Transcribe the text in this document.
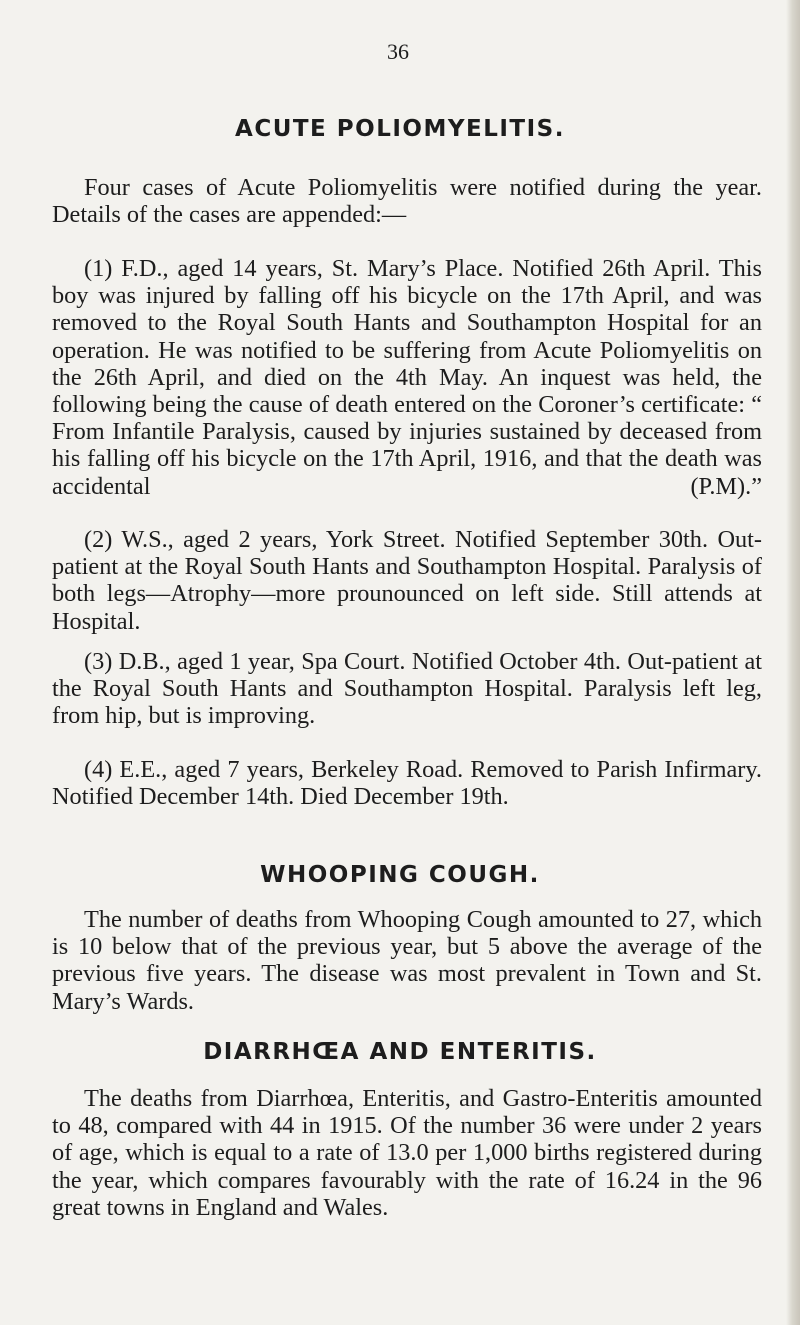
36
ACUTE POLIOMYELITIS.

Four cases of Acute Poliomyelitis were notified during the year. Details of the cases are appended:—

(1) F.D., aged 14 years, St. Mary’s Place. Notified 26th April. This boy was injured by falling off his bicycle on the 17th April, and was removed to the Royal South Hants and Southampton Hospital for an operation. He was notified to be suffering from Acute Poliomyelitis on the 26th April, and died on the 4th May. An inquest was held, the following being the cause of death entered on the Coroner’s certificate: “ From Infantile Paralysis, caused by injuries sustained by deceased from his falling off his bicycle on the 17th April, 1916, and that the death was accidental (P.M).”

(2) W.S., aged 2 years, York Street. Notified September 30th. Out-patient at the Royal South Hants and Southampton Hospital. Paralysis of both legs—Atrophy—more prounounced on left side. Still attends at Hospital.

(3) D.B., aged 1 year, Spa Court. Notified October 4th. Out-patient at the Royal South Hants and Southampton Hospital. Paralysis left leg, from hip, but is improving.

(4) E.E., aged 7 years, Berkeley Road. Removed to Parish Infirmary. Notified December 14th. Died December 19th.

WHOOPING COUGH.

The number of deaths from Whooping Cough amounted to 27, which is 10 below that of the previous year, but 5 above the average of the previous five years. The disease was most prevalent in Town and St. Mary’s Wards.

DIARRHŒA AND ENTERITIS.

The deaths from Diarrhœa, Enteritis, and Gastro-Enteritis amounted to 48, compared with 44 in 1915. Of the number 36 were under 2 years of age, which is equal to a rate of 13.0 per 1,000 births registered during the year, which compares favourably with the rate of 16.24 in the 96 great towns in England and Wales.
